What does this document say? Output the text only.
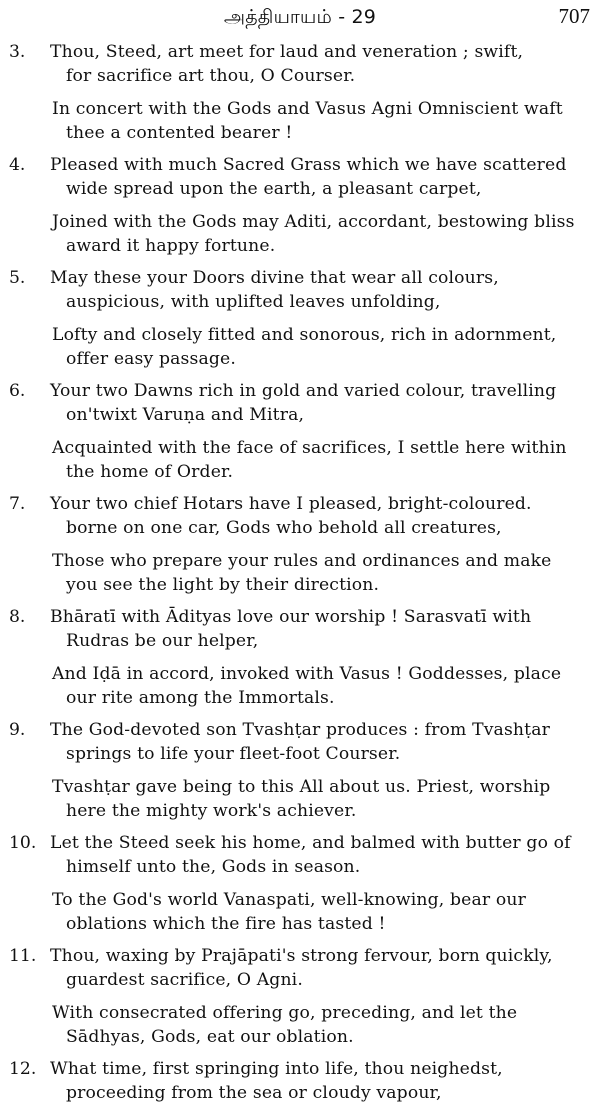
அத்தியாயம் - 29	707
3.	Thou, Steed, art meet for laud and veneration ; swift,
for sacrifice art thou, O Courser.
In concert with the Gods and Vasus Agni Omniscient waft
thee a contented bearer !
4.	Pleased with much Sacred Grass which we have scattered
wide spread upon the earth, a pleasant carpet,
Joined with the Gods may Aditi, accordant, bestowing bliss
award it happy fortune.
5.	May these your Doors divine that wear all colours,
auspicious, with uplifted leaves unfolding,
Lofty and closely fitted and sonorous, rich in adornment,
offer easy passage.
6.	Your two Dawns rich in gold and varied colour, travelling
on'twixt Varuṇa and Mitra,
Acquainted with the face of sacrifices, I settle here within
the home of Order.
7.	Your two chief Hotars have I pleased, bright-coloured.
borne on one car, Gods who behold all creatures,
Those who prepare your rules and ordinances and make
you see the light by their direction.
8.	Bhāratī with Ādityas love our worship ! Sarasvatī with
Rudras be our helper,
And Iḍā in accord, invoked with Vasus ! Goddesses, place
our rite among the Immortals.
9.	The God-devoted son Tvashṭar produces : from Tvashṭar
springs to life your fleet-foot Courser.
Tvashṭar gave being to this All about us. Priest, worship
here the mighty work's achiever.
10. Let the Steed seek his home, and balmed with butter go of
himself unto the, Gods in season.
To the God's world Vanaspati, well-knowing, bear our
oblations which the fire has tasted !
11. Thou, waxing by Prajāpati's strong fervour, born quickly,
guardest sacrifice, O Agni.
With consecrated offering go, preceding, and let the
Sādhyas, Gods, eat our oblation.
12. What time, first springing into life, thou neighedst,
proceeding from the sea or cloudy vapour,
